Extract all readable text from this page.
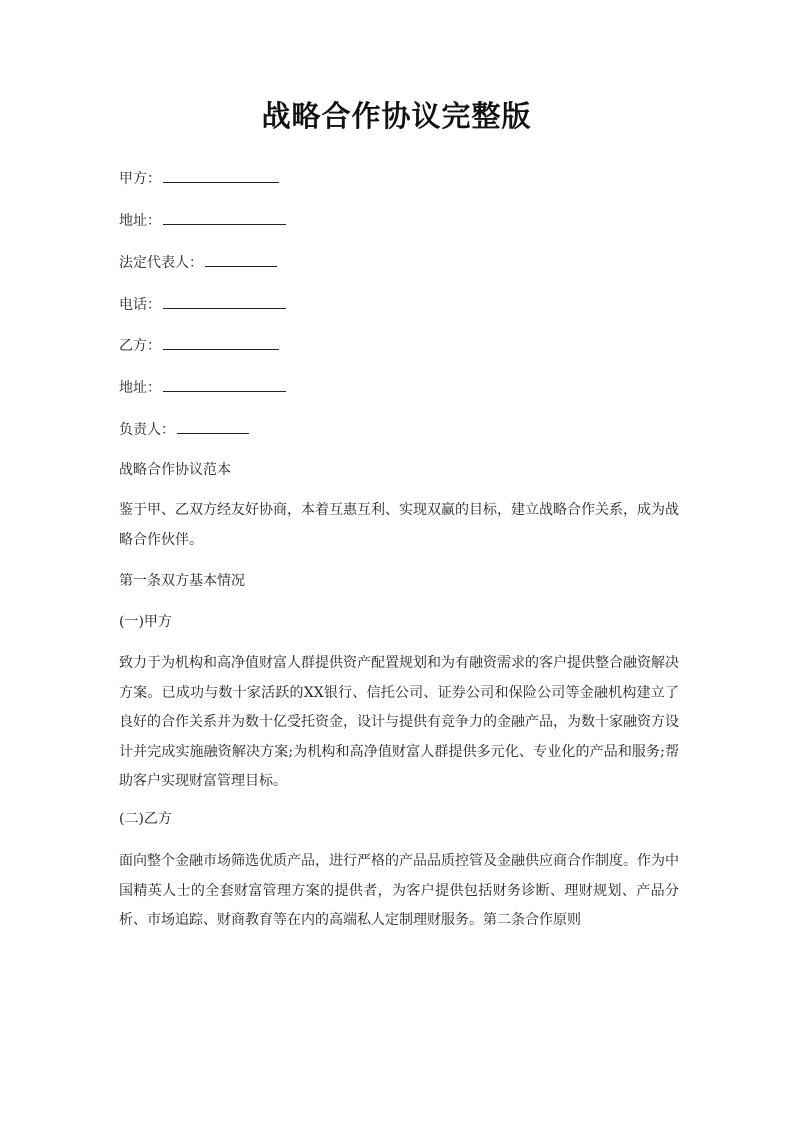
战略合作协议完整版
甲方：
地址：
法定代表人：
电话：
乙方：
地址：
负责人：
战略合作协议范本

鉴于甲、乙双方经友好协商，本着互惠互利、实现双赢的目标，建立战略合作关系，成为战略合作伙伴。

第一条双方基本情况
(一)甲方

致力于为机构和高净值财富人群提供资产配置规划和为有融资需求的客户提供整合融资解决方案。已成功与数十家活跃的XX银行、信托公司、证券公司和保险公司等金融机构建立了良好的合作关系并为数十亿受托资金，设计与提供有竞争力的金融产品，为数十家融资方设计并完成实施融资解决方案;为机构和高净值财富人群提供多元化、专业化的产品和服务;帮助客户实现财富管理目标。

(二)乙方

面向整个金融市场筛选优质产品，进行严格的产品品质控管及金融供应商合作制度。作为中国精英人士的全套财富管理方案的提供者，为客户提供包括财务诊断、理财规划、产品分析、市场追踪、财商教育等在内的高端私人定制理财服务。第二条合作原则
